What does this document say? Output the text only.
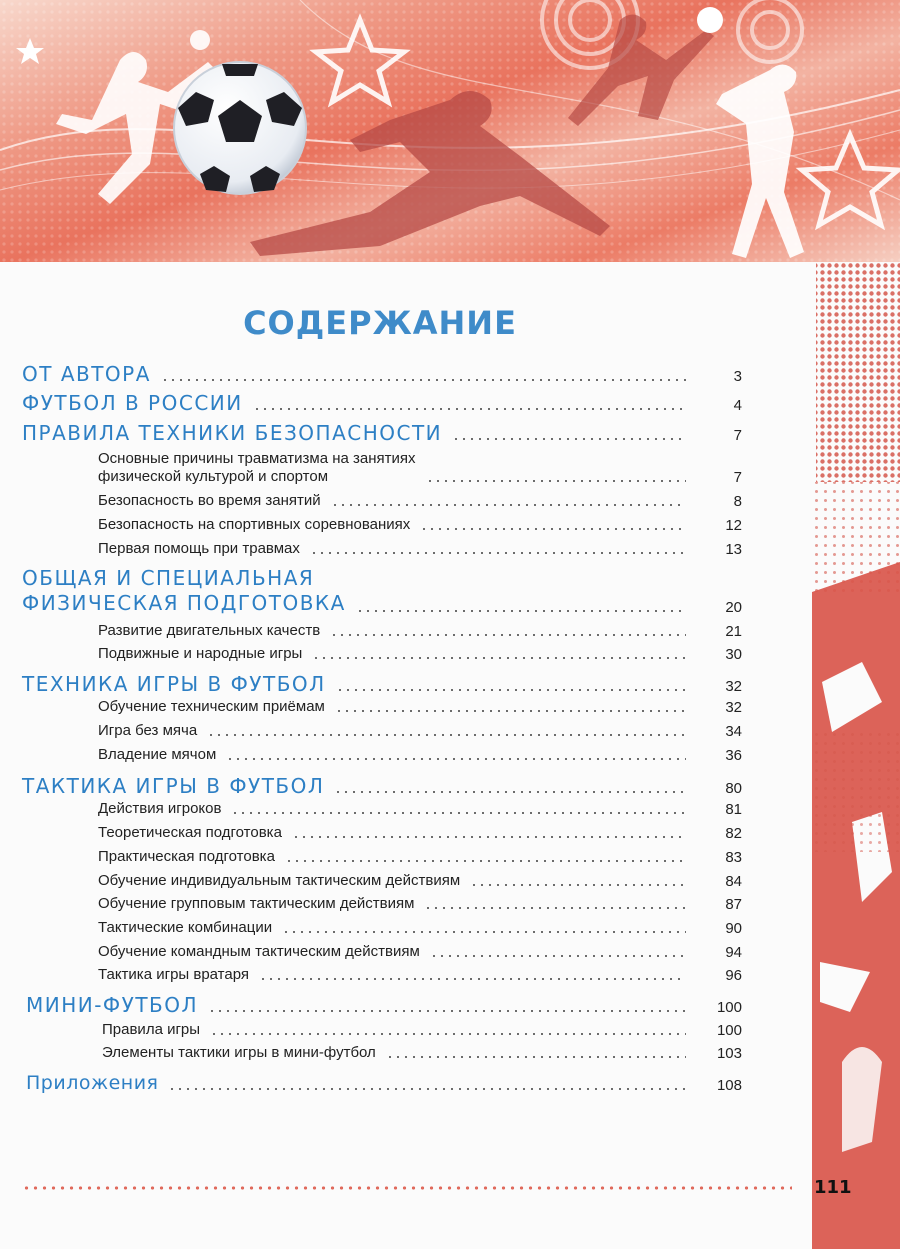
СОДЕРЖАНИЕ
ОТ АВТОРА	3
ФУТБОЛ В РОССИИ	4
ПРАВИЛА ТЕХНИКИ БЕЗОПАСНОСТИ	7
Основные причины травматизма на занятиях
физической культурой и спортом	7
Безопасность во время занятий	8
Безопасность на спортивных соревнованиях	12
Первая помощь при травмах	13
ОБЩАЯ И СПЕЦИАЛЬНАЯ
ФИЗИЧЕСКАЯ ПОДГОТОВКА	20
Развитие двигательных качеств	21
Подвижные и народные игры	30
ТЕХНИКА ИГРЫ В ФУТБОЛ	32
Обучение техническим приёмам	32
Игра без мяча	34
Владение мячом	36
ТАКТИКА ИГРЫ В ФУТБОЛ	80
Действия игроков	81
Теоретическая подготовка	82
Практическая подготовка	83
Обучение индивидуальным тактическим действиям	84
Обучение групповым тактическим действиям	87
Тактические комбинации	90
Обучение командным тактическим действиям	94
Тактика игры вратаря	96
МИНИ-ФУТБОЛ	100
Правила игры	100
Элементы тактики игры в мини-футбол	103
Приложения	108
111
